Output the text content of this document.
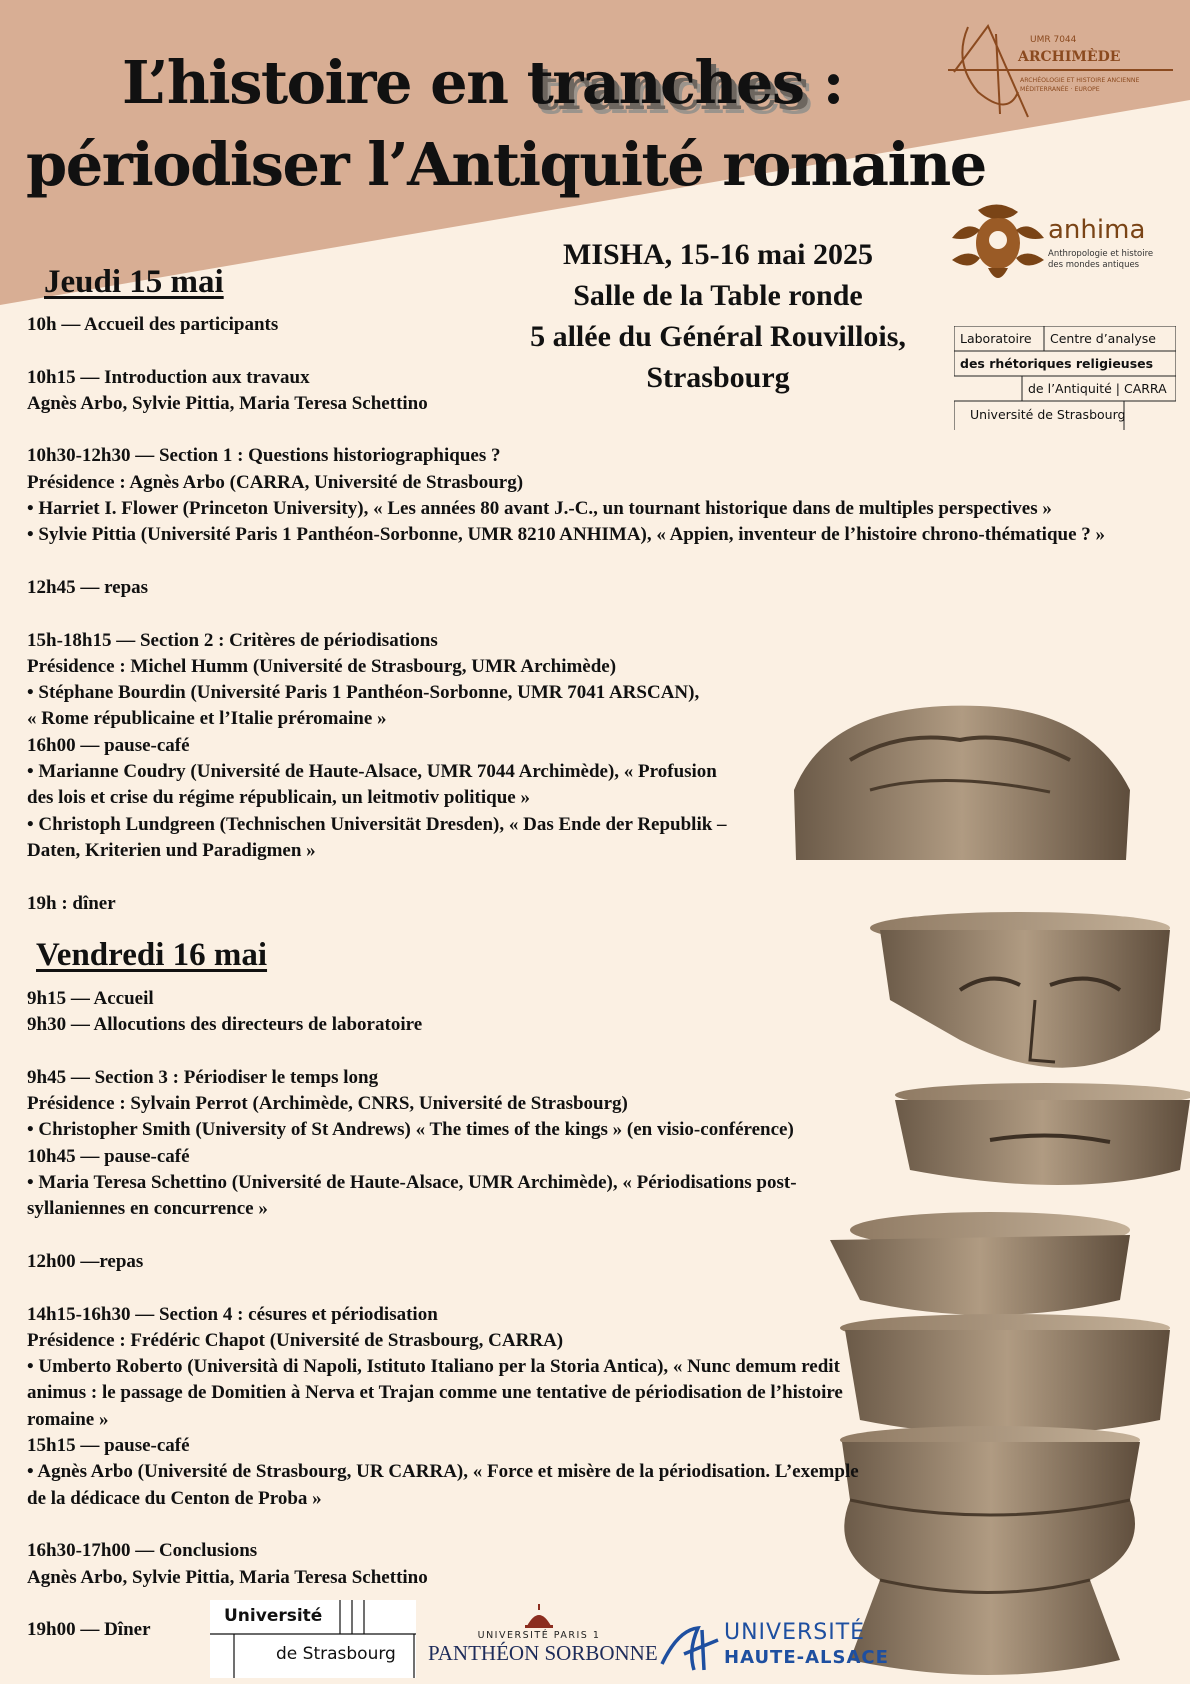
L’histoire en tranches :
périodiser l’Antiquité romaine
UMR 7044
ARCHIMÈDE
ARCHÉOLOGIE ET HISTOIRE ANCIENNE
MÉDITERRANÉE · EUROPE
anhima
Anthropologie et histoire
des mondes antiques
Laboratoire Centre d’analyse
des rhétoriques religieuses
de l’Antiquité | CARRA
Université de Strasbourg
MISHA, 15-16 mai 2025
Salle de la Table ronde
5 allée du Général Rouvillois,
Strasbourg
Jeudi 15 mai

10h — Accueil des participants

10h15 — Introduction aux travaux

Agnès Arbo, Sylvie Pittia, Maria Teresa Schettino

10h30-12h30 — Section 1 : Questions historiographiques ?

Présidence : Agnès Arbo (CARRA, Université de Strasbourg)

• Harriet I. Flower (Princeton University), « Les années 80 avant J.-C., un tournant historique dans de multiples perspectives »

• Sylvie Pittia (Université Paris 1 Panthéon-Sorbonne, UMR 8210 ANHIMA), « Appien, inventeur de l’histoire chrono-thématique ? »

12h45 — repas

15h-18h15 — Section 2 : Critères de périodisations

Présidence : Michel Humm (Université de Strasbourg, UMR Archimède)

• Stéphane Bourdin (Université Paris 1 Panthéon-Sorbonne, UMR 7041 ARSCAN),

« Rome républicaine et l’Italie préromaine »

16h00 — pause-café

• Marianne Coudry (Université de Haute-Alsace, UMR 7044 Archimède), « Profusion

des lois et crise du régime républicain, un leitmotiv politique »

• Christoph Lundgreen (Technischen Universität Dresden), « Das Ende der Republik –

Daten, Kriterien und Paradigmen »

19h : dîner

Vendredi 16 mai

9h15 — Accueil

9h30 — Allocutions des directeurs de laboratoire

9h45 — Section 3 : Périodiser le temps long

Présidence : Sylvain Perrot (Archimède, CNRS, Université de Strasbourg)

• Christopher Smith (University of St Andrews) « The times of the kings » (en visio-conférence)

10h45 — pause-café

• Maria Teresa Schettino (Université de Haute-Alsace, UMR Archimède), « Périodisations post-

syllaniennes en concurrence »

12h00 —repas

14h15-16h30 — Section 4 : césures et périodisation

Présidence : Frédéric Chapot (Université de Strasbourg, CARRA)

• Umberto Roberto (Università di Napoli, Istituto Italiano per la Storia Antica), « Nunc demum redit

animus : le passage de Domitien à Nerva et Trajan comme une tentative de périodisation de l’histoire

romaine »

15h15 — pause-café

• Agnès Arbo (Université de Strasbourg, UR CARRA), « Force et misère de la périodisation. L’exemple

de la dédicace du Centon de Proba »

16h30-17h00 — Conclusions

Agnès Arbo, Sylvie Pittia, Maria Teresa Schettino

19h00 — Dîner

Université
de Strasbourg
UNIVERSITÉ PARIS 1
PANTHÉON SORBONNE
UNIVERSITÉ
HAUTE-ALSACE
